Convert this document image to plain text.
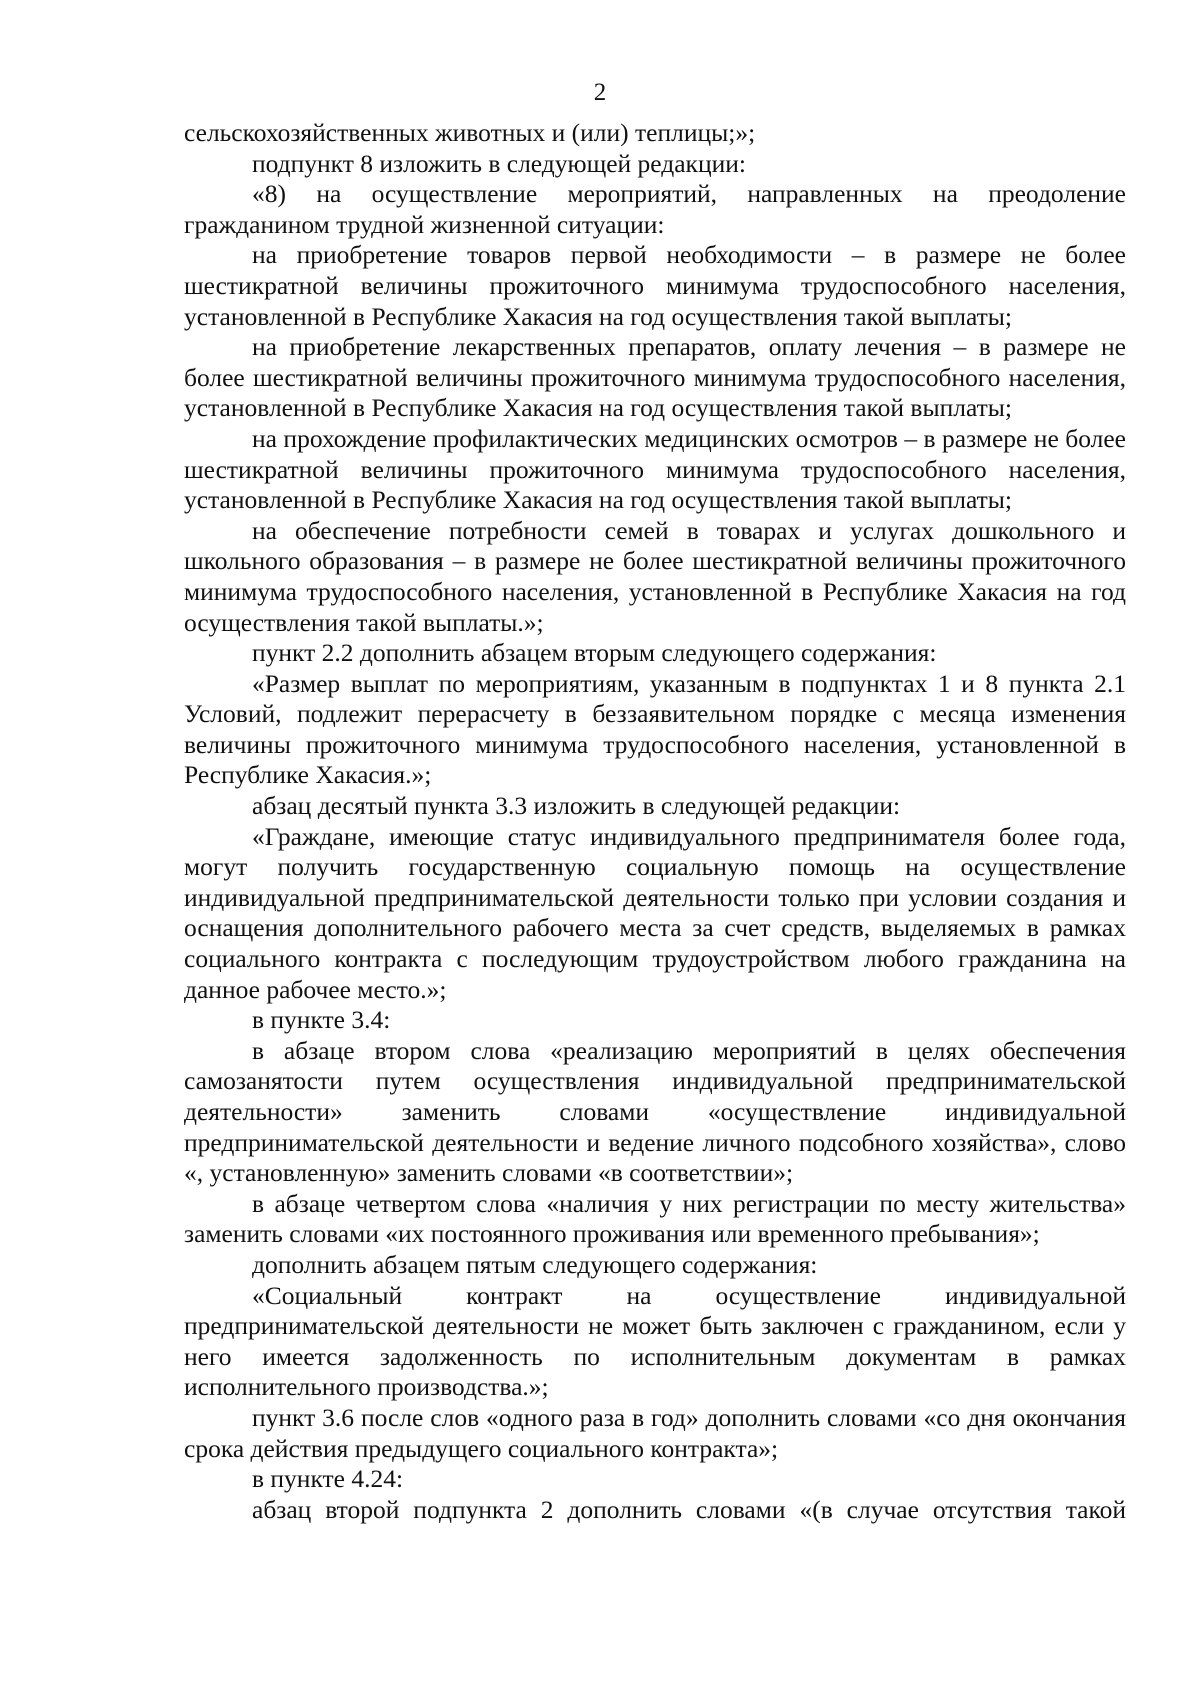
2

сельскохозяйственных животных и (или) теплицы;»;

подпункт 8 изложить в следующей редакции:

«8) на осуществление мероприятий, направленных на преодоление гражданином трудной жизненной ситуации:

на приобретение товаров первой необходимости – в размере не более шестикратной величины прожиточного минимума трудоспособного населения, установленной в Республике Хакасия на год осуществления такой выплаты;

на приобретение лекарственных препаратов, оплату лечения – в размере не более шестикратной величины прожиточного минимума трудоспособного населения, установленной в Республике Хакасия на год осуществления такой выплаты;

на прохождение профилактических медицинских осмотров – в размере не более шестикратной величины прожиточного минимума трудоспособного населения, установленной в Республике Хакасия на год осуществления такой выплаты;

на обеспечение потребности семей в товарах и услугах дошкольного и школьного образования – в размере не более шестикратной величины прожиточного минимума трудоспособного населения, установленной в Республике Хакасия на год осуществления такой выплаты.»;

пункт 2.2 дополнить абзацем вторым следующего содержания:

«Размер выплат по мероприятиям, указанным в подпунктах 1 и 8 пункта 2.1 Условий, подлежит перерасчету в беззаявительном порядке с месяца изменения величины прожиточного минимума трудоспособного населения, установленной в Республике Хакасия.»;

абзац десятый пункта 3.3 изложить в следующей редакции:

«Граждане, имеющие статус индивидуального предпринимателя более года, могут получить государственную социальную помощь на осуществление индивидуальной предпринимательской деятельности только при условии создания и оснащения дополнительного рабочего места за счет средств, выделяемых в рамках социального контракта с последующим трудоустройством любого гражданина на данное рабочее место.»;

в пункте 3.4:

в абзаце втором слова «реализацию мероприятий в целях обеспечения самозанятости путем осуществления индивидуальной предпринимательской деятельности» заменить словами «осуществление индивидуальной предпринимательской деятельности и ведение личного подсобного хозяйства», слово «, установленную» заменить словами «в соответствии»;

в абзаце четвертом слова «наличия у них регистрации по месту жительства» заменить словами «их постоянного проживания или временного пребывания»;

дополнить абзацем пятым следующего содержания:

«Социальный контракт на осуществление индивидуальной предпринимательской деятельности не может быть заключен с гражданином, если у него имеется задолженность по исполнительным документам в рамках исполнительного производства.»;

пункт 3.6 после слов «одного раза в год» дополнить словами «со дня окончания срока действия предыдущего социального контракта»;

в пункте 4.24:

абзац второй подпункта 2 дополнить словами «(в случае отсутствия такой
